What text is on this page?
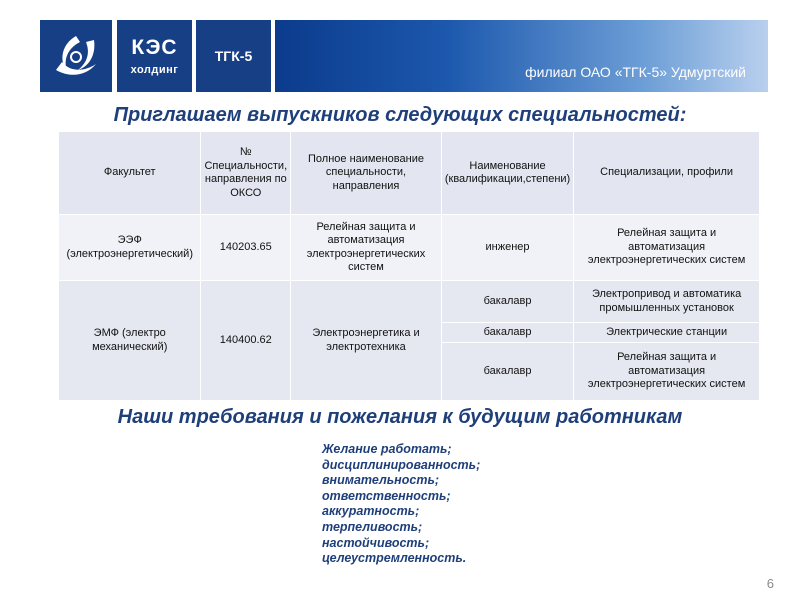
КЭС
холдинг
ТГК-5
филиал ОАО «ТГК-5» Удмуртский
Приглашаем выпускников следующих специальностей:
Факультет	№ Специальности, направления по ОКСО	Полное наименование специальности, направления	Наименование (квалификации,степени)	Специализации, профили
ЭЭФ (электроэнергетический)	140203.65	Релейная защита и автоматизация электроэнергетических систем	инженер	Релейная защита и автоматизация электроэнергетических систем
ЭМФ (электро механический)	140400.62	Электроэнергетика и электротехника	бакалавр	Электропривод и автоматика промышленных установок
			бакалавр	Электрические станции
			бакалавр	Релейная защита и автоматизация электроэнергетических систем
Наши требования и пожелания к будущим работникам
Желание работать;
дисциплинированность;
внимательность;
ответственность;
аккуратность;
терпеливость;
настойчивость;
целеустремленность.
6
